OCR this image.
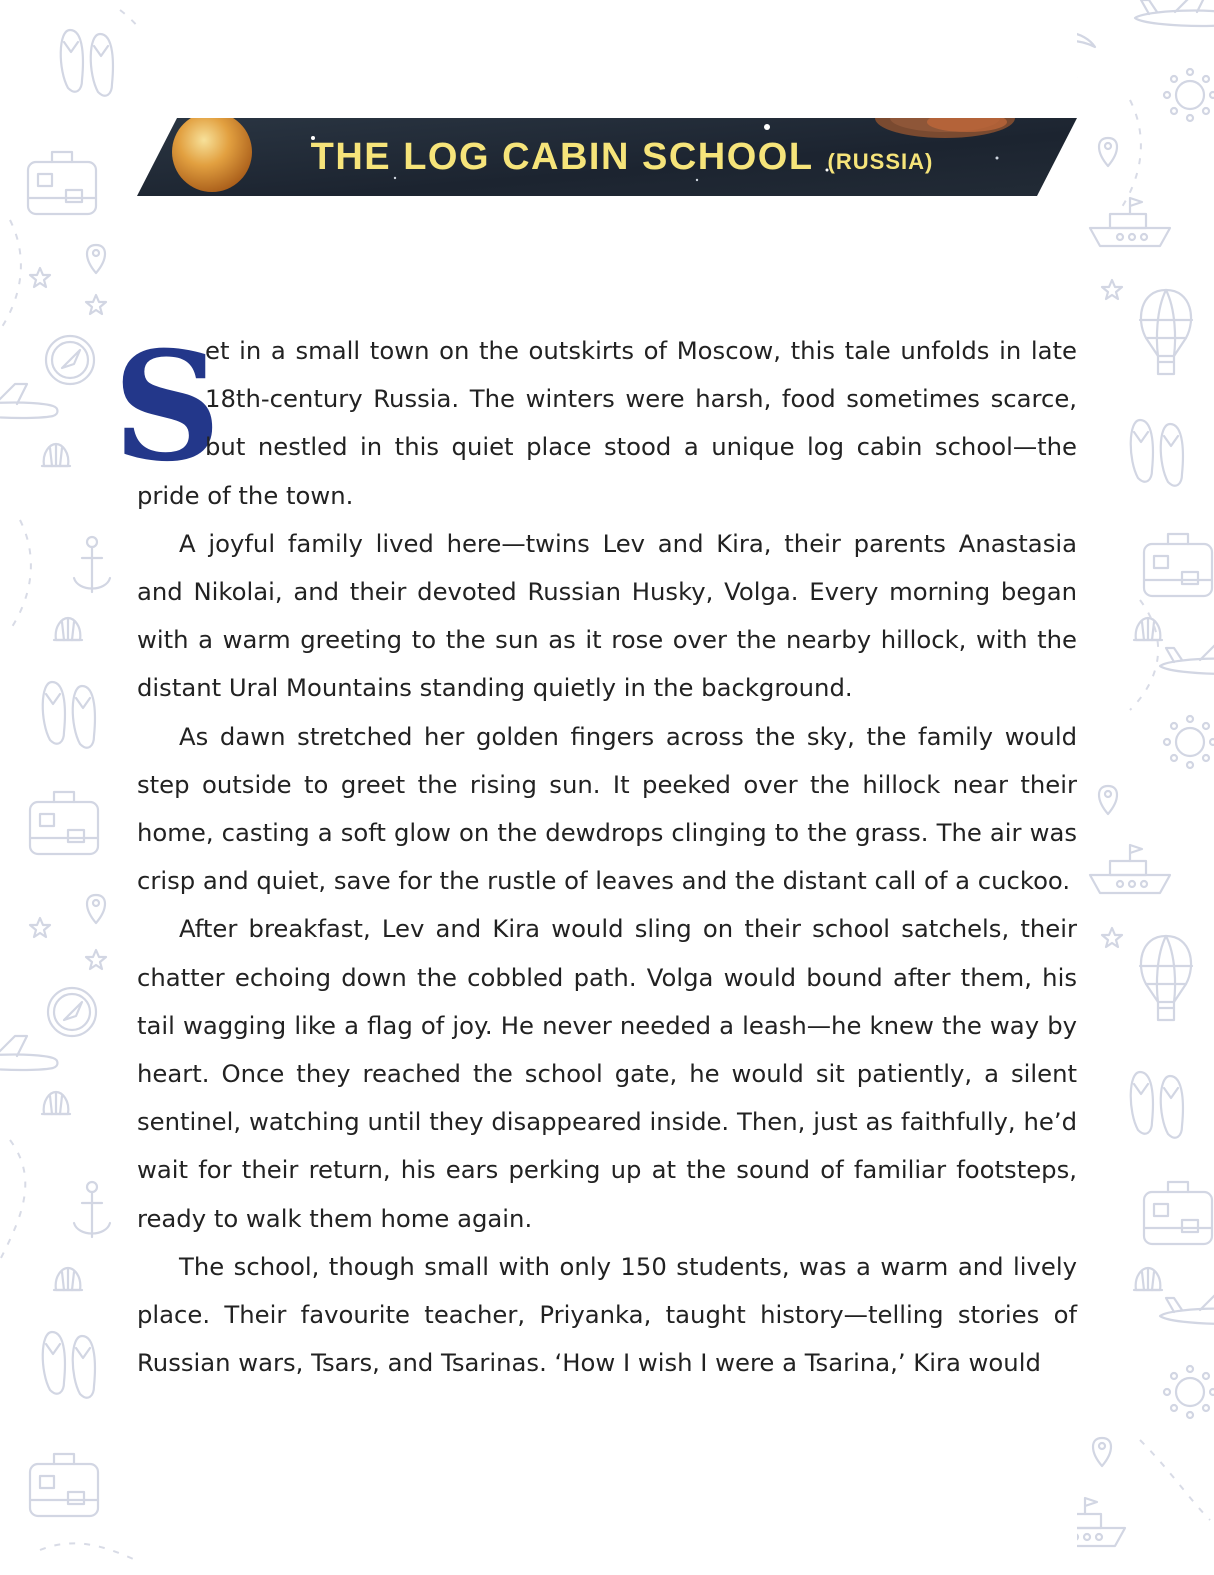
THE LOG CABIN SCHOOL (RUSSIA)
S

et in a small town on the outskirts of Moscow, this tale unfolds in late 18th-century Russia. The winters were harsh, food sometimes scarce, but nestled in this quiet place stood a unique log cabin school—the pride of the town.

A joyful family lived here—twins Lev and Kira, their parents Anastasia and Nikolai, and their devoted Russian Husky, Volga. Every morning began with a warm greeting to the sun as it rose over the nearby hillock, with the distant Ural Mountains standing quietly in the background.

As dawn stretched her golden fingers across the sky, the family would step outside to greet the rising sun. It peeked over the hillock near their home, casting a soft glow on the dewdrops clinging to the grass. The air was crisp and quiet, save for the rustle of leaves and the distant call of a cuckoo.

After breakfast, Lev and Kira would sling on their school satchels, their chatter echoing down the cobbled path. Volga would bound after them, his tail wagging like a flag of joy. He never needed a leash—he knew the way by heart. Once they reached the school gate, he would sit patiently, a silent sentinel, watching until they disappeared inside. Then, just as faithfully, he’d wait for their return, his ears perking up at the sound of familiar footsteps, ready to walk them home again.

The school, though small with only 150 students, was a warm and lively place. Their favourite teacher, Priyanka, taught history—telling stories of Russian wars, Tsars, and Tsarinas. ‘How I wish I were a Tsarina,’ Kira would
